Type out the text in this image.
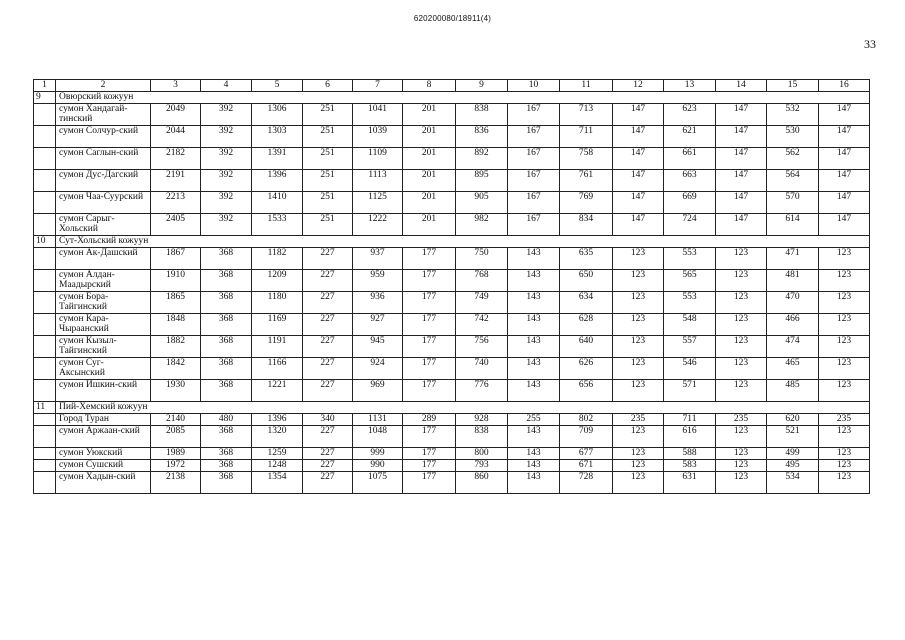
620200080/18911(4)
33
1	2	3	4	5	6	7	8	9	10	11	12	13	14	15	16
9	Овюрский кожуун														
	сумон Хандагай-тинский	2049	392	1306	251	1041	201	838	167	713	147	623	147	532	147
	сумон Солчур-ский	2044	392	1303	251	1039	201	836	167	711	147	621	147	530	147
	сумон Саглын-ский	2182	392	1391	251	1109	201	892	167	758	147	661	147	562	147
	сумон Дус-Дагский	2191	392	1396	251	1113	201	895	167	761	147	663	147	564	147
	сумон Чаа-Суурский	2213	392	1410	251	1125	201	905	167	769	147	669	147	570	147
	сумон Сарыг-Хольский	2405	392	1533	251	1222	201	982	167	834	147	724	147	614	147
10	Сут-Хольский кожуун														
	сумон Ак-Дашский	1867	368	1182	227	937	177	750	143	635	123	553	123	471	123
	сумон Алдан-Маадырский	1910	368	1209	227	959	177	768	143	650	123	565	123	481	123
	сумон Бора-Тайгинский	1865	368	1180	227	936	177	749	143	634	123	553	123	470	123
	сумон Кара-Чыраанский	1848	368	1169	227	927	177	742	143	628	123	548	123	466	123
	сумон Кызыл-Тайгинский	1882	368	1191	227	945	177	756	143	640	123	557	123	474	123
	сумон Суг-Аксынский	1842	368	1166	227	924	177	740	143	626	123	546	123	465	123
	сумон Ишкин-ский	1930	368	1221	227	969	177	776	143	656	123	571	123	485	123
11	Пий-Хемский кожуун														
	Город Туран	2140	480	1396	340	1131	289	928	255	802	235	711	235	620	235
	сумон Аржаан-ский	2085	368	1320	227	1048	177	838	143	709	123	616	123	521	123
	сумон Уюкский	1989	368	1259	227	999	177	800	143	677	123	588	123	499	123
	сумон Сушский	1972	368	1248	227	990	177	793	143	671	123	583	123	495	123
	сумон Хадын-ский	2138	368	1354	227	1075	177	860	143	728	123	631	123	534	123
